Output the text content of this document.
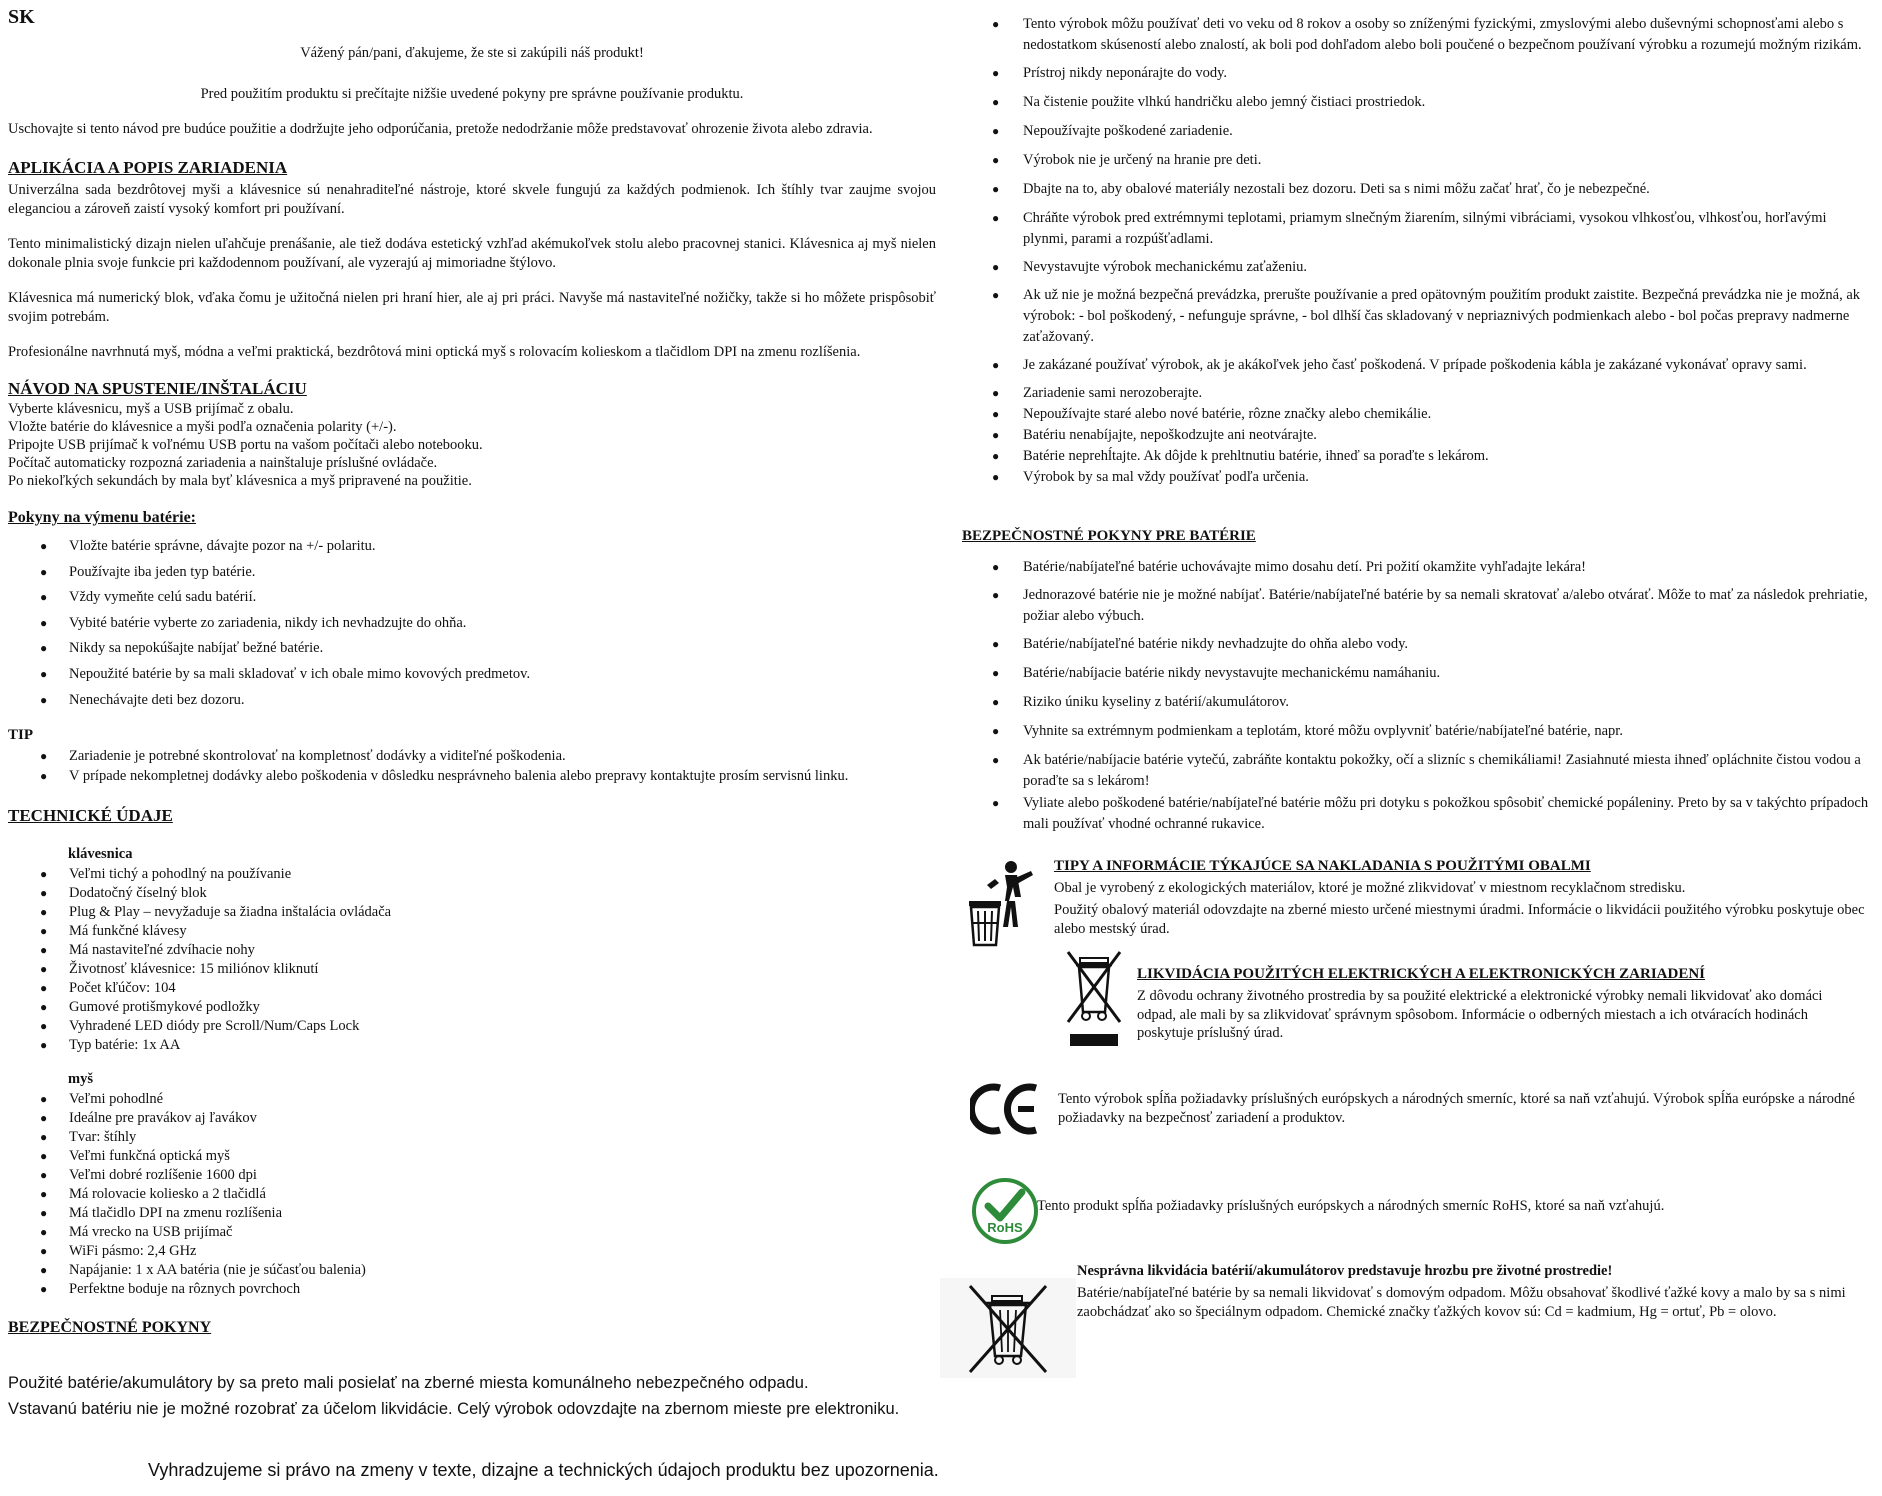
SK
Vážený pán/pani, ďakujeme, že ste si zakúpili náš produkt!
Pred použitím produktu si prečítajte nižšie uvedené pokyny pre správne používanie produktu.
Uschovajte si tento návod pre budúce použitie a dodržujte jeho odporúčania, pretože nedodržanie môže predstavovať ohrozenie života alebo zdravia.
APLIKÁCIA A POPIS ZARIADENIA
Univerzálna sada bezdrôtovej myši a klávesnice sú nenahraditeľné nástroje, ktoré skvele fungujú za každých podmienok. Ich štíhly tvar zaujme svojou eleganciou a zároveň zaistí vysoký komfort pri používaní.
Tento minimalistický dizajn nielen uľahčuje prenášanie, ale tiež dodáva estetický vzhľad akémukoľvek stolu alebo pracovnej stanici. Klávesnica aj myš nielen dokonale plnia svoje funkcie pri každodennom používaní, ale vyzerajú aj mimoriadne štýlovo.
Klávesnica má numerický blok, vďaka čomu je užitočná nielen pri hraní hier, ale aj pri práci. Navyše má nastaviteľné nožičky, takže si ho môžete prispôsobiť svojim potrebám.
Profesionálne navrhnutá myš, módna a veľmi praktická, bezdrôtová mini optická myš s rolovacím kolieskom a tlačidlom DPI na zmenu rozlíšenia.
NÁVOD NA SPUSTENIE/INŠTALÁCIU
Vyberte klávesnicu, myš a USB prijímač z obalu.
Vložte batérie do klávesnice a myši podľa označenia polarity (+/-).
Pripojte USB prijímač k voľnému USB portu na vašom počítači alebo notebooku.
Počítač automaticky rozpozná zariadenia a nainštaluje príslušné ovládače.
Po niekoľkých sekundách by mala byť klávesnica a myš pripravené na použitie.
Pokyny na výmenu batérie:
● Vložte batérie správne, dávajte pozor na +/- polaritu.
● Používajte iba jeden typ batérie.
● Vždy vymeňte celú sadu batérií.
● Vybité batérie vyberte zo zariadenia, nikdy ich nevhadzujte do ohňa.
● Nikdy sa nepokúšajte nabíjať bežné batérie.
● Nepoužité batérie by sa mali skladovať v ich obale mimo kovových predmetov.
● Nenechávajte deti bez dozoru.
TIP
● Zariadenie je potrebné skontrolovať na kompletnosť dodávky a viditeľné poškodenia.
● V prípade nekompletnej dodávky alebo poškodenia v dôsledku nesprávneho balenia alebo prepravy kontaktujte prosím servisnú linku.
TECHNICKÉ ÚDAJE
klávesnica
● Veľmi tichý a pohodlný na používanie
● Dodatočný číselný blok
● Plug & Play – nevyžaduje sa žiadna inštalácia ovládača
● Má funkčné klávesy
● Má nastaviteľné zdvíhacie nohy
● Životnosť klávesnice: 15 miliónov kliknutí
● Počet kľúčov: 104
● Gumové protišmykové podložky
● Vyhradené LED diódy pre Scroll/Num/Caps Lock
● Typ batérie: 1x AA
myš
● Veľmi pohodlné
● Ideálne pre pravákov aj ľavákov
● Tvar: štíhly
● Veľmi funkčná optická myš
● Veľmi dobré rozlíšenie 1600 dpi
● Má rolovacie koliesko a 2 tlačidlá
● Má tlačidlo DPI na zmenu rozlíšenia
● Má vrecko na USB prijímač
● WiFi pásmo: 2,4 GHz
● Napájanie: 1 x AA batéria (nie je súčasťou balenia)
● Perfektne boduje na rôznych povrchoch
BEZPEČNOSTNÉ POKYNY
Použité batérie/akumulátory by sa preto mali posielať na zberné miesta komunálneho nebezpečného odpadu.
Vstavanú batériu nie je možné rozobrať za účelom likvidácie. Celý výrobok odovzdajte na zbernom mieste pre elektroniku.
Vyhradzujeme si právo na zmeny v texte, dizajne a technických údajoch produktu bez upozornenia.
● Tento výrobok môžu používať deti vo veku od 8 rokov a osoby so zníženými fyzickými, zmyslovými alebo duševnými schopnosťami alebo s nedostatkom skúseností alebo znalostí, ak boli pod dohľadom alebo boli poučené o bezpečnom používaní výrobku a rozumejú možným rizikám.
● Prístroj nikdy neponárajte do vody.
● Na čistenie použite vlhkú handričku alebo jemný čistiaci prostriedok.
● Nepoužívajte poškodené zariadenie.
● Výrobok nie je určený na hranie pre deti.
● Dbajte na to, aby obalové materiály nezostali bez dozoru. Deti sa s nimi môžu začať hrať, čo je nebezpečné.
● Chráňte výrobok pred extrémnymi teplotami, priamym slnečným žiarením, silnými vibráciami, vysokou vlhkosťou, vlhkosťou, horľavými plynmi, parami a rozpúšťadlami.
● Nevystavujte výrobok mechanickému zaťaženiu.
● Ak už nie je možná bezpečná prevádzka, prerušte používanie a pred opätovným použitím produkt zaistite. Bezpečná prevádzka nie je možná, ak výrobok: - bol poškodený, - nefunguje správne, - bol dlhší čas skladovaný v nepriaznivých podmienkach alebo - bol počas prepravy nadmerne zaťažovaný.
● Je zakázané používať výrobok, ak je akákoľvek jeho časť poškodená. V prípade poškodenia kábla je zakázané vykonávať opravy sami.
● Zariadenie sami nerozoberajte.
● Nepoužívajte staré alebo nové batérie, rôzne značky alebo chemikálie.
● Batériu nenabíjajte, nepoškodzujte ani neotvárajte.
● Batérie neprehĺtajte. Ak dôjde k prehltnutiu batérie, ihneď sa poraďte s lekárom.
● Výrobok by sa mal vždy používať podľa určenia.
BEZPEČNOSTNÉ POKYNY PRE BATÉRIE
● Batérie/nabíjateľné batérie uchovávajte mimo dosahu detí. Pri požití okamžite vyhľadajte lekára!
● Jednorazové batérie nie je možné nabíjať. Batérie/nabíjateľné batérie by sa nemali skratovať a/alebo otvárať. Môže to mať za následok prehriatie, požiar alebo výbuch.
● Batérie/nabíjateľné batérie nikdy nevhadzujte do ohňa alebo vody.
● Batérie/nabíjacie batérie nikdy nevystavujte mechanickému namáhaniu.
● Riziko úniku kyseliny z batérií/akumulátorov.
● Vyhnite sa extrémnym podmienkam a teplotám, ktoré môžu ovplyvniť batérie/nabíjateľné batérie, napr.
● Ak batérie/nabíjacie batérie vytečú, zabráňte kontaktu pokožky, očí a slizníc s chemikáliami! Zasiahnuté miesta ihneď opláchnite čistou vodou a poraďte sa s lekárom!
● Vyliate alebo poškodené batérie/nabíjateľné batérie môžu pri dotyku s pokožkou spôsobiť chemické popáleniny. Preto by sa v takýchto prípadoch mali používať vhodné ochranné rukavice.
TIPY A INFORMÁCIE TÝKAJÚCE SA NAKLADANIA S POUŽITÝMI OBALMI
Obal je vyrobený z ekologických materiálov, ktoré je možné zlikvidovať v miestnom recyklačnom stredisku.
Použitý obalový materiál odovzdajte na zberné miesto určené miestnymi úradmi. Informácie o likvidácii použitého výrobku poskytuje obec alebo mestský úrad.
LIKVIDÁCIA POUŽITÝCH ELEKTRICKÝCH A ELEKTRONICKÝCH ZARIADENÍ
Z dôvodu ochrany životného prostredia by sa použité elektrické a elektronické výrobky nemali likvidovať ako domáci odpad, ale mali by sa zlikvidovať správnym spôsobom. Informácie o odberných miestach a ich otváracích hodinách poskytuje príslušný úrad.
Tento výrobok spĺňa požiadavky príslušných európskych a národných smerníc, ktoré sa naň vzťahujú. Výrobok spĺňa európske a národné požiadavky na bezpečnosť zariadení a produktov.
RoHS
Tento produkt spĺňa požiadavky príslušných európskych a národných smerníc RoHS, ktoré sa naň vzťahujú.
Nesprávna likvidácia batérií/akumulátorov predstavuje hrozbu pre životné prostredie!
Batérie/nabíjateľné batérie by sa nemali likvidovať s domovým odpadom. Môžu obsahovať škodlivé ťažké kovy a malo by sa s nimi zaobchádzať ako so špeciálnym odpadom. Chemické značky ťažkých kovov sú: Cd = kadmium, Hg = ortuť, Pb = olovo.
